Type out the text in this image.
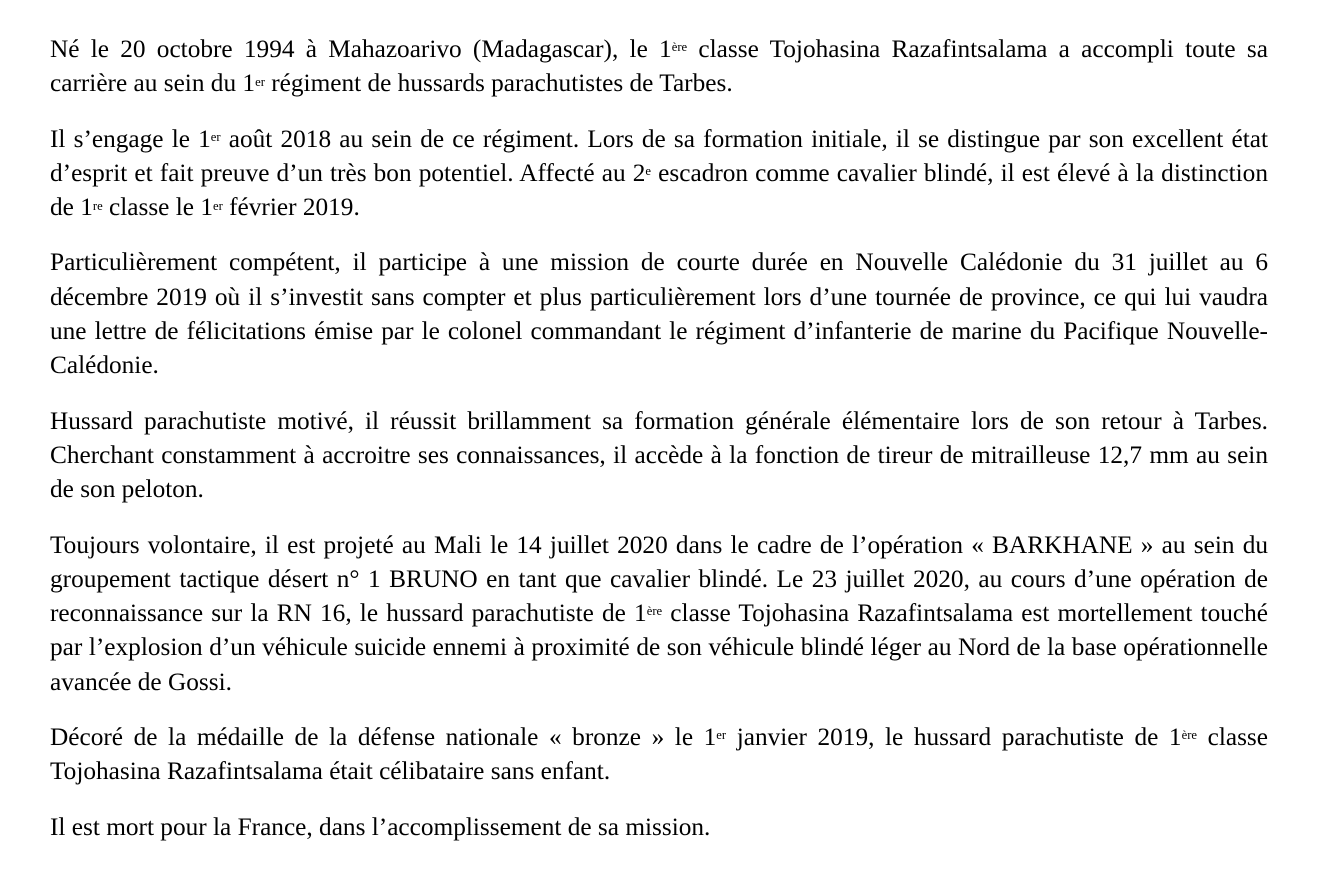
Né le 20 octobre 1994 à Mahazoarivo (Madagascar), le 1ère classe Tojohasina Razafintsalama a accompli toute sa carrière au sein du 1er régiment de hussards parachutistes de Tarbes.

Il s’engage le 1er août 2018 au sein de ce régiment. Lors de sa formation initiale, il se distingue par son excellent état d’esprit et fait preuve d’un très bon potentiel. Affecté au 2e escadron comme cavalier blindé, il est élevé à la distinction de 1re classe le 1er février 2019.

Particulièrement compétent, il participe à une mission de courte durée en Nouvelle Calédonie du 31 juillet au 6 décembre 2019 où il s’investit sans compter et plus particulièrement lors d’une tournée de province, ce qui lui vaudra une lettre de félicitations émise par le colonel commandant le régiment d’infanterie de marine du Pacifique Nouvelle-Calédonie.

Hussard parachutiste motivé, il réussit brillamment sa formation générale élémentaire lors de son retour à Tarbes. Cherchant constamment à accroitre ses connaissances, il accède à la fonction de tireur de mitrailleuse 12,7 mm au sein de son peloton.

Toujours volontaire, il est projeté au Mali le 14 juillet 2020 dans le cadre de l’opération « BARKHANE » au sein du groupement tactique désert n° 1 BRUNO en tant que cavalier blindé. Le 23 juillet 2020, au cours d’une opération de reconnaissance sur la RN 16, le hussard parachutiste de 1ère classe Tojohasina Razafintsalama est mortellement touché par l’explosion d’un véhicule suicide ennemi à proximité de son véhicule blindé léger au Nord de la base opérationnelle avancée de Gossi.

Décoré de la médaille de la défense nationale « bronze » le 1er janvier 2019, le hussard parachutiste de 1ère classe Tojohasina Razafintsalama était célibataire sans enfant.

Il est mort pour la France, dans l’accomplissement de sa mission.
